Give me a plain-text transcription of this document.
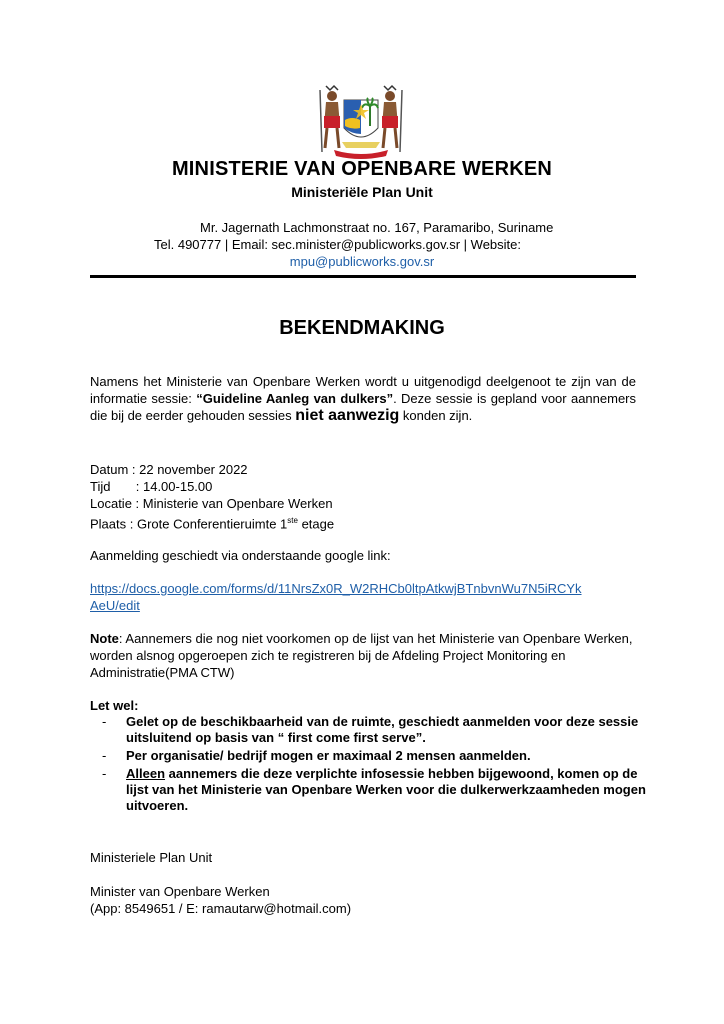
MINISTERIE VAN OPENBARE WERKEN
Ministeriële Plan Unit
Mr. Jagernath Lachmonstraat no. 167, Paramaribo, Suriname
Tel. 490777 | Email: sec.minister@publicworks.gov.sr | Website:
mpu@publicworks.gov.sr
BEKENDMAKING
Namens het Ministerie van Openbare Werken wordt u uitgenodigd deelgenoot te zijn van de informatie sessie: “Guideline Aanleg van dulkers”. Deze sessie is gepland voor aannemers die bij de eerder gehouden sessies niet aanwezig konden zijn.
Datum : 22 november 2022
Tijd : 14.00-15.00
Locatie : Ministerie van Openbare Werken
Plaats : Grote Conferentieruimte 1ste etage
Aanmelding geschiedt via onderstaande google link:
https://docs.google.com/forms/d/11NrsZx0R_W2RHCb0ltpAtkwjBTnbvnWu7N5iRCYk
AeU/edit
Note: Aannemers die nog niet voorkomen op de lijst van het Ministerie van Openbare Werken, worden alsnog opgeroepen zich te registreren bij de Afdeling Project Monitoring en Administratie(PMA CTW)
Let wel:
- Gelet op de beschikbaarheid van de ruimte, geschiedt aanmelden voor deze sessie uitsluitend op basis van “ first come first serve”.
- Per organisatie/ bedrijf mogen er maximaal 2 mensen aanmelden.
- Alleen aannemers die deze verplichte infosessie hebben bijgewoond, komen op de lijst van het Ministerie van Openbare Werken voor die dulkerwerkzaamheden mogen uitvoeren.
Ministeriele Plan Unit
Minister van Openbare Werken
(App: 8549651 / E: ramautarw@hotmail.com)
